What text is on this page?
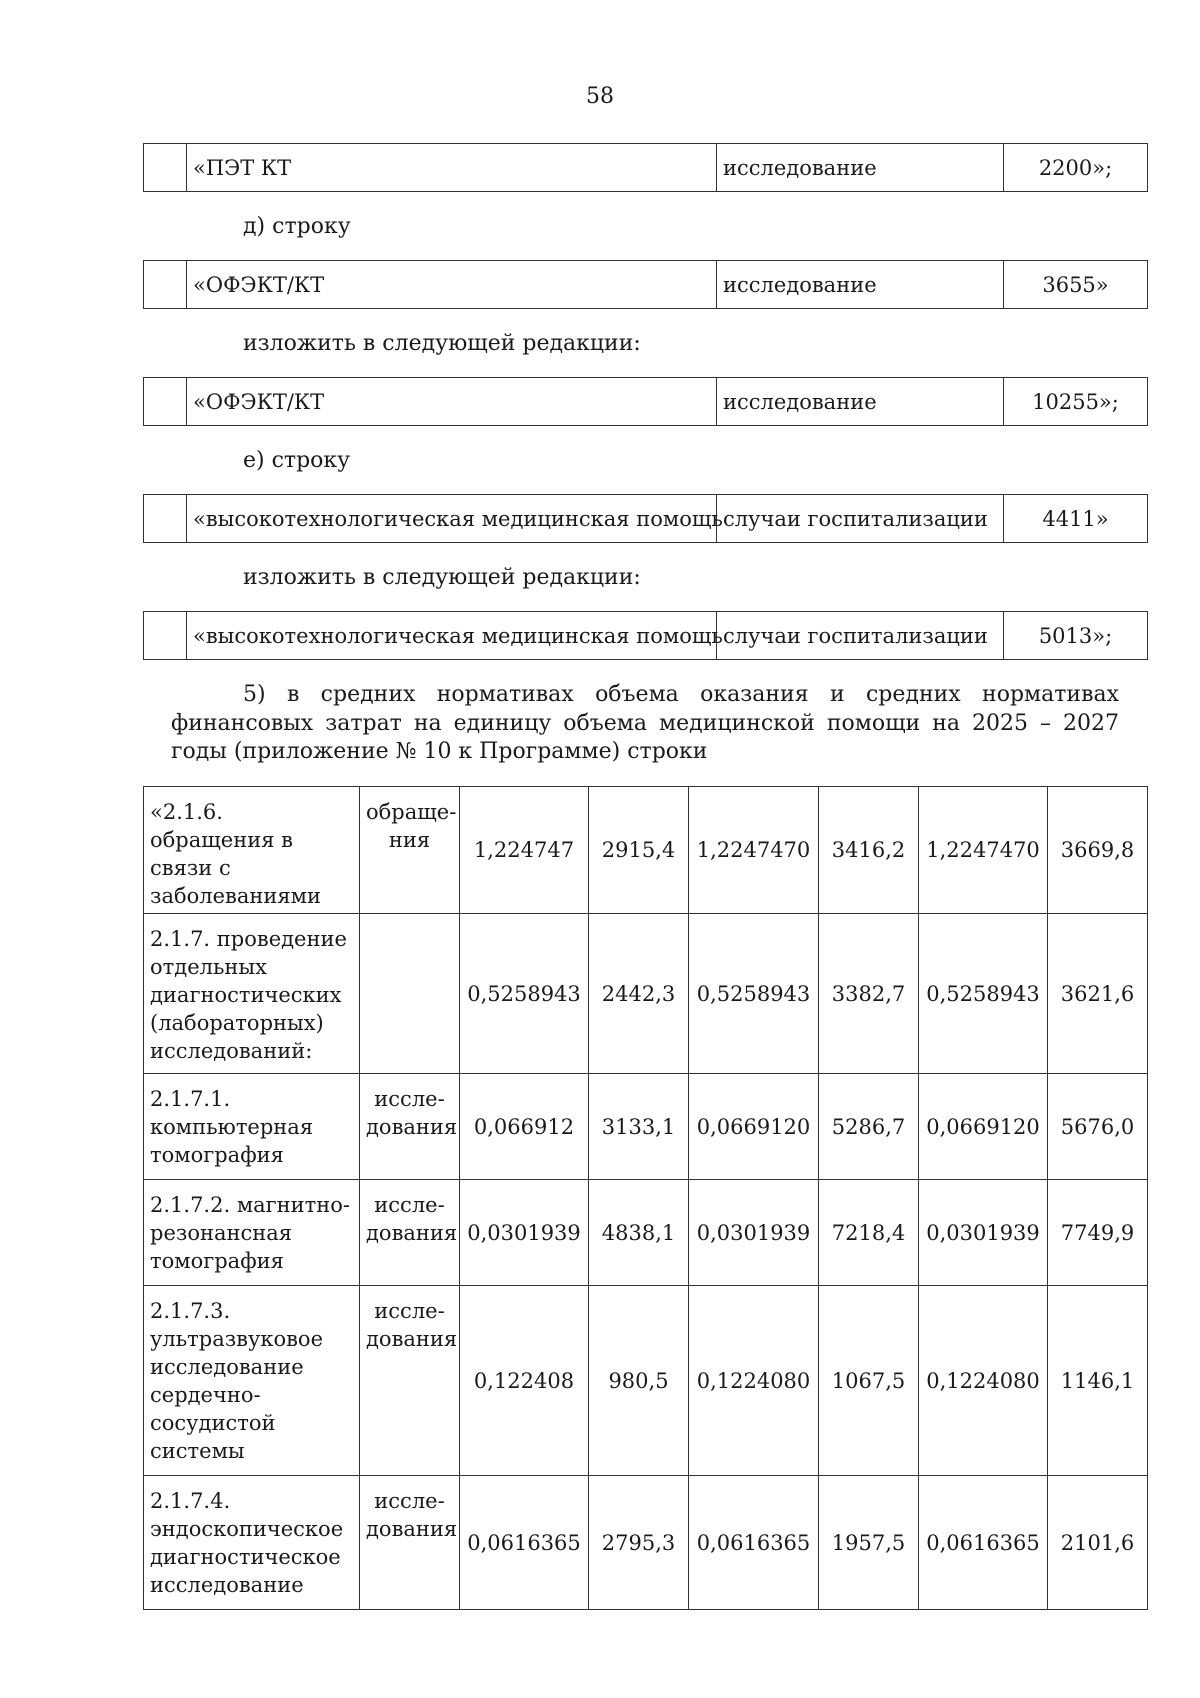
58
	«ПЭТ КТ	исследование	2200»;
д) строку
	«ОФЭКТ/КТ	исследование	3655»
изложить в следующей редакции:
	«ОФЭКТ/КТ	исследование	10255»;
е) строку
	«высокотехнологическая медицинская помощь	случаи госпитализации	4411»
изложить в следующей редакции:
	«высокотехнологическая медицинская помощь	случаи госпитализации	5013»;
5) в средних нормативах объема оказания и средних нормативах финансовых затрат на единицу объема медицинской помощи на 2025 – 2027 годы (приложение № 10 к Программе) строки
«2.1.6. обращения в связи с заболеваниями	обраще-ния	1,224747	2915,4	1,2247470	3416,2	1,2247470	3669,8
2.1.7. проведение отдельных диагностических (лабораторных) исследований:		0,5258943	2442,3	0,5258943	3382,7	0,5258943	3621,6
2.1.7.1. компьютерная томография	иссле-дования	0,066912	3133,1	0,0669120	5286,7	0,0669120	5676,0
2.1.7.2. магнитно-резонансная томография	иссле-дования	0,0301939	4838,1	0,0301939	7218,4	0,0301939	7749,9
2.1.7.3. ультразвуковое исследование сердечно-сосудистой системы	иссле-дования	0,122408	980,5	0,1224080	1067,5	0,1224080	1146,1
2.1.7.4. эндоскопическое диагностическое исследование	иссле-дования	0,0616365	2795,3	0,0616365	1957,5	0,0616365	2101,6
